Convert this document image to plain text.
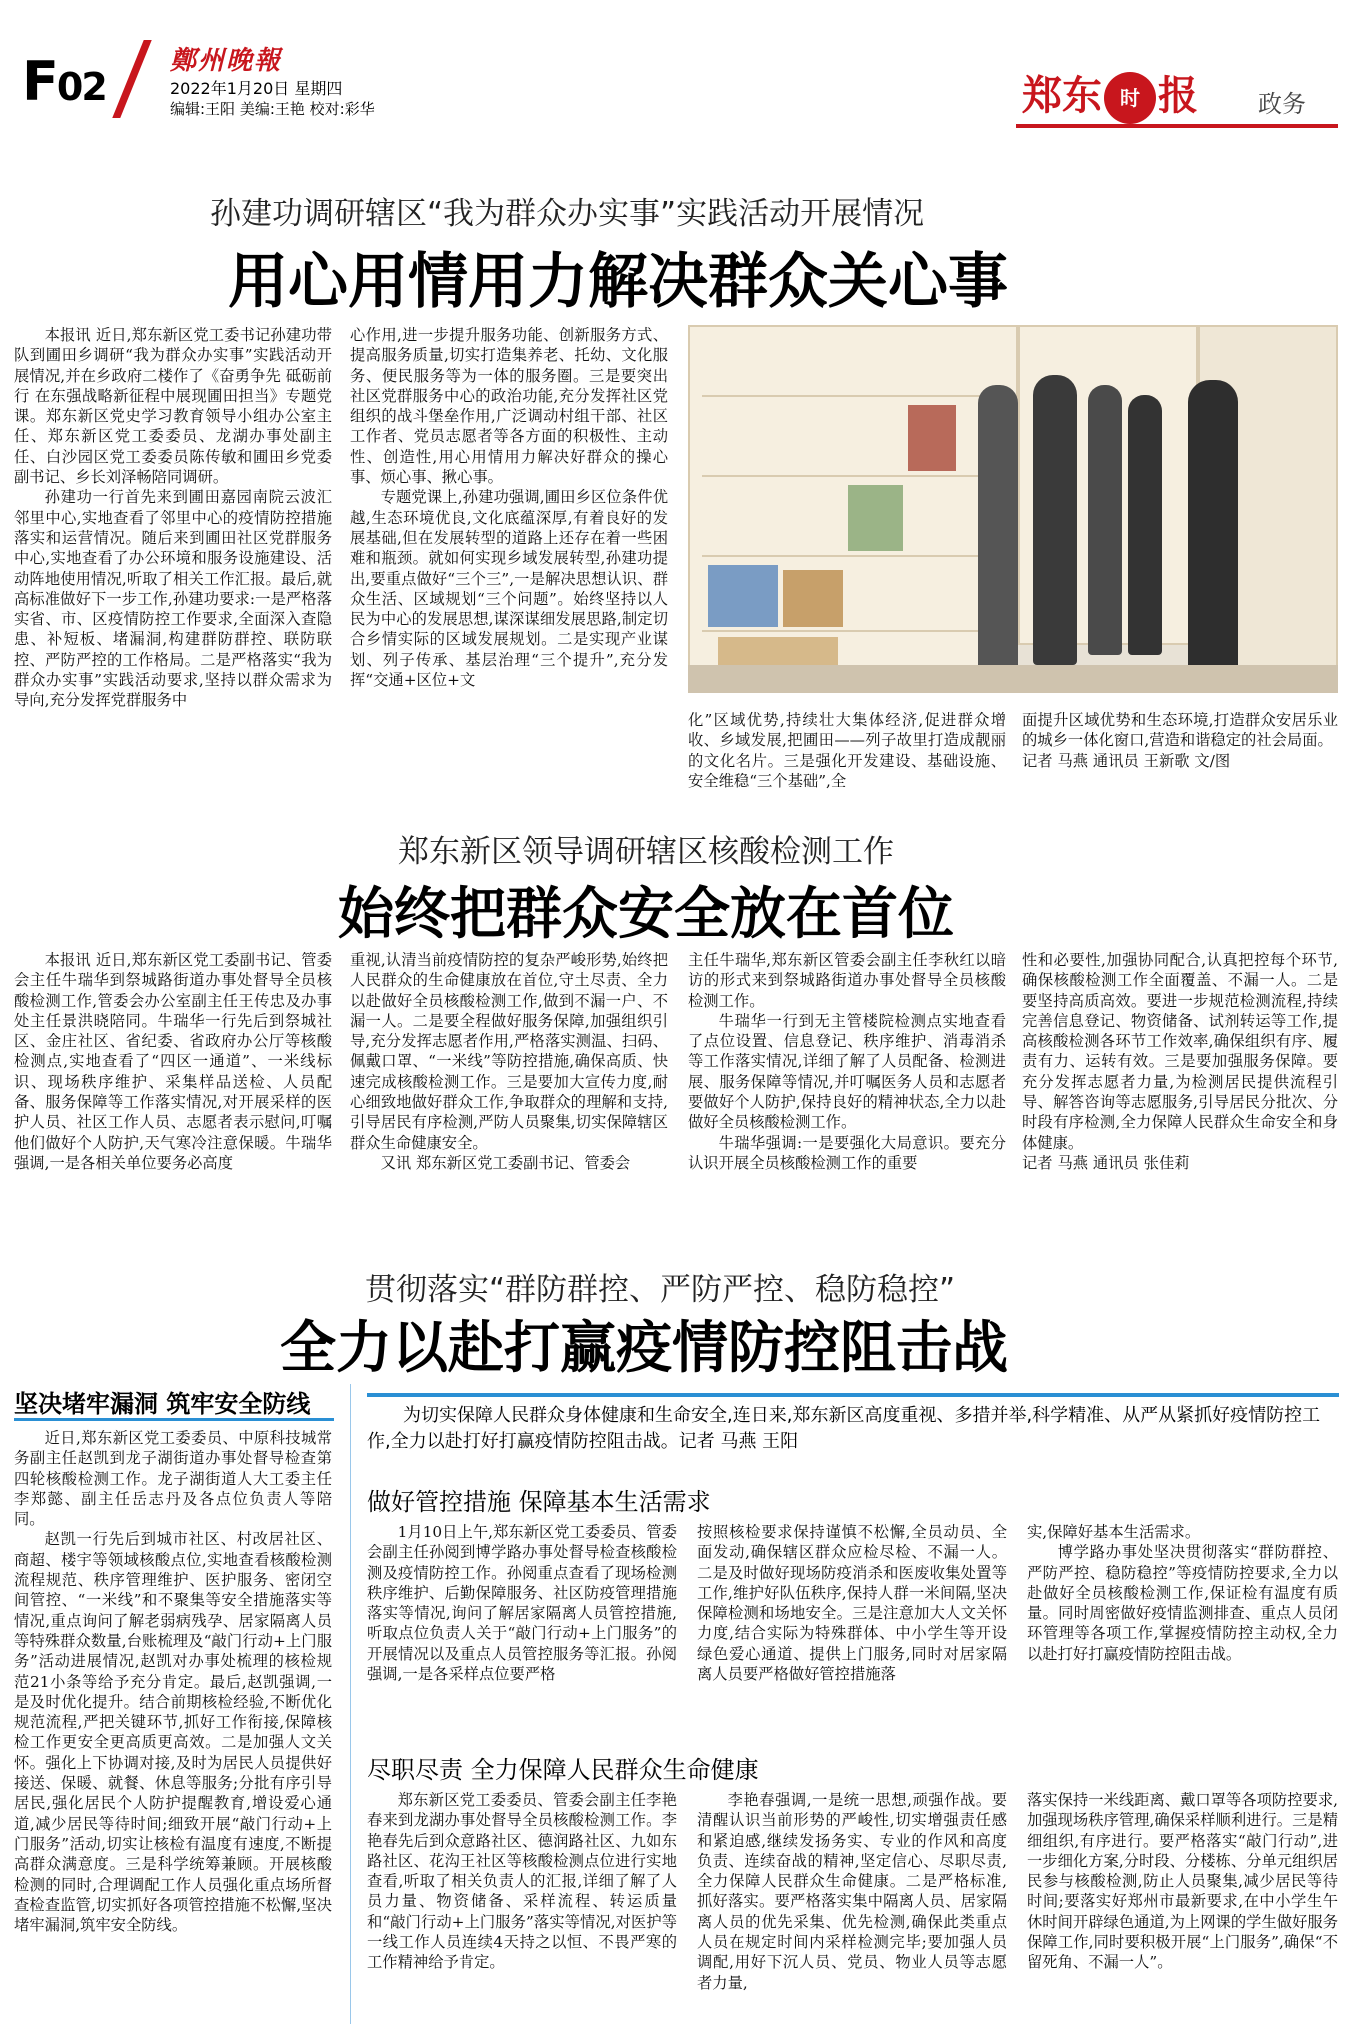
F02
鄭州晚報
2022年1月20日 星期四
编辑:王阳 美编:王艳 校对:彩华	郑东 时 报	政务
孙建功调研辖区“我为群众办实事”实践活动开展情况
用心用情用力解决群众关心事

本报讯 近日,郑东新区党工委书记孙建功带队到圃田乡调研“我为群众办实事”实践活动开展情况,并在乡政府二楼作了《奋勇争先 砥砺前行 在东强战略新征程中展现圃田担当》专题党课。郑东新区党史学习教育领导小组办公室主任、郑东新区党工委委员、龙湖办事处副主任、白沙园区党工委委员陈传敏和圃田乡党委副书记、乡长刘泽畅陪同调研。

孙建功一行首先来到圃田嘉园南院云波汇邻里中心,实地查看了邻里中心的疫情防控措施落实和运营情况。随后来到圃田社区党群服务中心,实地查看了办公环境和服务设施建设、活动阵地使用情况,听取了相关工作汇报。最后,就高标准做好下一步工作,孙建功要求:一是严格落实省、市、区疫情防控工作要求,全面深入查隐患、补短板、堵漏洞,构建群防群控、联防联控、严防严控的工作格局。二是严格落实“我为群众办实事”实践活动要求,坚持以群众需求为导向,充分发挥党群服务中

心作用,进一步提升服务功能、创新服务方式、提高服务质量,切实打造集养老、托幼、文化服务、便民服务等为一体的服务圈。三是要突出社区党群服务中心的政治功能,充分发挥社区党组织的战斗堡垒作用,广泛调动村组干部、社区工作者、党员志愿者等各方面的积极性、主动性、创造性,用心用情用力解决好群众的操心事、烦心事、揪心事。

专题党课上,孙建功强调,圃田乡区位条件优越,生态环境优良,文化底蕴深厚,有着良好的发展基础,但在发展转型的道路上还存在着一些困难和瓶颈。就如何实现乡域发展转型,孙建功提出,要重点做好“三个三”,一是解决思想认识、群众生活、区域规划“三个问题”。始终坚持以人民为中心的发展思想,谋深谋细发展思路,制定切合乡情实际的区域发展规划。二是实现产业谋划、列子传承、基层治理“三个提升”,充分发挥“交通+区位+文

化”区域优势,持续壮大集体经济,促进群众增收、乡域发展,把圃田——列子故里打造成靓丽的文化名片。三是强化开发建设、基础设施、安全维稳“三个基础”,全

面提升区域优势和生态环境,打造群众安居乐业的城乡一体化窗口,营造和谐稳定的社会局面。

记者 马燕 通讯员 王新歌 文/图

郑东新区领导调研辖区核酸检测工作
始终把群众安全放在首位

本报讯 近日,郑东新区党工委副书记、管委会主任牛瑞华到祭城路街道办事处督导全员核酸检测工作,管委会办公室副主任王传忠及办事处主任景洪晓陪同。牛瑞华一行先后到祭城社区、金庄社区、省纪委、省政府办公厅等核酸检测点,实地查看了“四区一通道”、一米线标识、现场秩序维护、采集样品送检、人员配备、服务保障等工作落实情况,对开展采样的医护人员、社区工作人员、志愿者表示慰问,叮嘱他们做好个人防护,天气寒冷注意保暖。牛瑞华强调,一是各相关单位要务必高度

重视,认清当前疫情防控的复杂严峻形势,始终把人民群众的生命健康放在首位,守土尽责、全力以赴做好全员核酸检测工作,做到不漏一户、不漏一人。二是要全程做好服务保障,加强组织引导,充分发挥志愿者作用,严格落实测温、扫码、佩戴口罩、“一米线”等防控措施,确保高质、快速完成核酸检测工作。三是要加大宣传力度,耐心细致地做好群众工作,争取群众的理解和支持,引导居民有序检测,严防人员聚集,切实保障辖区群众生命健康安全。

又讯 郑东新区党工委副书记、管委会

主任牛瑞华,郑东新区管委会副主任李秋红以暗访的形式来到祭城路街道办事处督导全员核酸检测工作。

牛瑞华一行到无主管楼院检测点实地查看了点位设置、信息登记、秩序维护、消毒消杀等工作落实情况,详细了解了人员配备、检测进展、服务保障等情况,并叮嘱医务人员和志愿者要做好个人防护,保持良好的精神状态,全力以赴做好全员核酸检测工作。

牛瑞华强调:一是要强化大局意识。要充分认识开展全员核酸检测工作的重要

性和必要性,加强协同配合,认真把控每个环节,确保核酸检测工作全面覆盖、不漏一人。二是要坚持高质高效。要进一步规范检测流程,持续完善信息登记、物资储备、试剂转运等工作,提高核酸检测各环节工作效率,确保组织有序、履责有力、运转有效。三是要加强服务保障。要充分发挥志愿者力量,为检测居民提供流程引导、解答咨询等志愿服务,引导居民分批次、分时段有序检测,全力保障人民群众生命安全和身体健康。

记者 马燕 通讯员 张佳莉

贯彻落实“群防群控、严防严控、稳防稳控”
全力以赴打赢疫情防控阻击战
坚决堵牢漏洞 筑牢安全防线

近日,郑东新区党工委委员、中原科技城常务副主任赵凯到龙子湖街道办事处督导检查第四轮核酸检测工作。龙子湖街道人大工委主任李郑懿、副主任岳志丹及各点位负责人等陪同。

赵凯一行先后到城市社区、村改居社区、商超、楼宇等领域核酸点位,实地查看核酸检测流程规范、秩序管理维护、医护服务、密闭空间管控、“一米线”和不聚集等安全措施落实等情况,重点询问了解老弱病残孕、居家隔离人员等特殊群众数量,台账梳理及“敲门行动+上门服务”活动进展情况,赵凯对办事处梳理的核检规范21小条等给予充分肯定。最后,赵凯强调,一是及时优化提升。结合前期核检经验,不断优化规范流程,严把关键环节,抓好工作衔接,保障核检工作更安全更高质更高效。二是加强人文关怀。强化上下协调对接,及时为居民人员提供好接送、保暖、就餐、休息等服务;分批有序引导居民,强化居民个人防护提醒教育,增设爱心通道,减少居民等待时间;细致开展“敲门行动+上门服务”活动,切实让核检有温度有速度,不断提高群众满意度。三是科学统筹兼顾。开展核酸检测的同时,合理调配工作人员强化重点场所督查检查监管,切实抓好各项管控措施不松懈,坚决堵牢漏洞,筑牢安全防线。

为切实保障人民群众身体健康和生命安全,连日来,郑东新区高度重视、多措并举,科学精准、从严从紧抓好疫情防控工作,全力以赴打好打赢疫情防控阻击战。记者 马燕 王阳
做好管控措施 保障基本生活需求

1月10日上午,郑东新区党工委委员、管委会副主任孙阅到博学路办事处督导检查核酸检测及疫情防控工作。孙阅重点查看了现场检测秩序维护、后勤保障服务、社区防疫管理措施落实等情况,询问了解居家隔离人员管控措施,听取点位负责人关于“敲门行动+上门服务”的开展情况以及重点人员管控服务等汇报。孙阅强调,一是各采样点位要严格

按照核检要求保持谨慎不松懈,全员动员、全面发动,确保辖区群众应检尽检、不漏一人。二是及时做好现场防疫消杀和医废收集处置等工作,维护好队伍秩序,保持人群一米间隔,坚决保障检测和场地安全。三是注意加大人文关怀力度,结合实际为特殊群体、中小学生等开设绿色爱心通道、提供上门服务,同时对居家隔离人员要严格做好管控措施落

实,保障好基本生活需求。

博学路办事处坚决贯彻落实“群防群控、严防严控、稳防稳控”等疫情防控要求,全力以赴做好全员核酸检测工作,保证检有温度有质量。同时周密做好疫情监测排查、重点人员闭环管理等各项工作,掌握疫情防控主动权,全力以赴打好打赢疫情防控阻击战。

尽职尽责 全力保障人民群众生命健康

郑东新区党工委委员、管委会副主任李艳春来到龙湖办事处督导全员核酸检测工作。李艳春先后到众意路社区、德润路社区、九如东路社区、花沟王社区等核酸检测点位进行实地查看,听取了相关负责人的汇报,详细了解了人员力量、物资储备、采样流程、转运质量和“敲门行动+上门服务”落实等情况,对医护等一线工作人员连续4天持之以恒、不畏严寒的工作精神给予肯定。

李艳春强调,一是统一思想,顽强作战。要清醒认识当前形势的严峻性,切实增强责任感和紧迫感,继续发扬务实、专业的作风和高度负责、连续奋战的精神,坚定信心、尽职尽责,全力保障人民群众生命健康。二是严格标准,抓好落实。要严格落实集中隔离人员、居家隔离人员的优先采集、优先检测,确保此类重点人员在规定时间内采样检测完毕;要加强人员调配,用好下沉人员、党员、物业人员等志愿者力量,

落实保持一米线距离、戴口罩等各项防控要求,加强现场秩序管理,确保采样顺利进行。三是精细组织,有序进行。要严格落实“敲门行动”,进一步细化方案,分时段、分楼栋、分单元组织居民参与核酸检测,防止人员聚集,减少居民等待时间;要落实好郑州市最新要求,在中小学生午休时间开辟绿色通道,为上网课的学生做好服务保障工作,同时要积极开展“上门服务”,确保“不留死角、不漏一人”。
